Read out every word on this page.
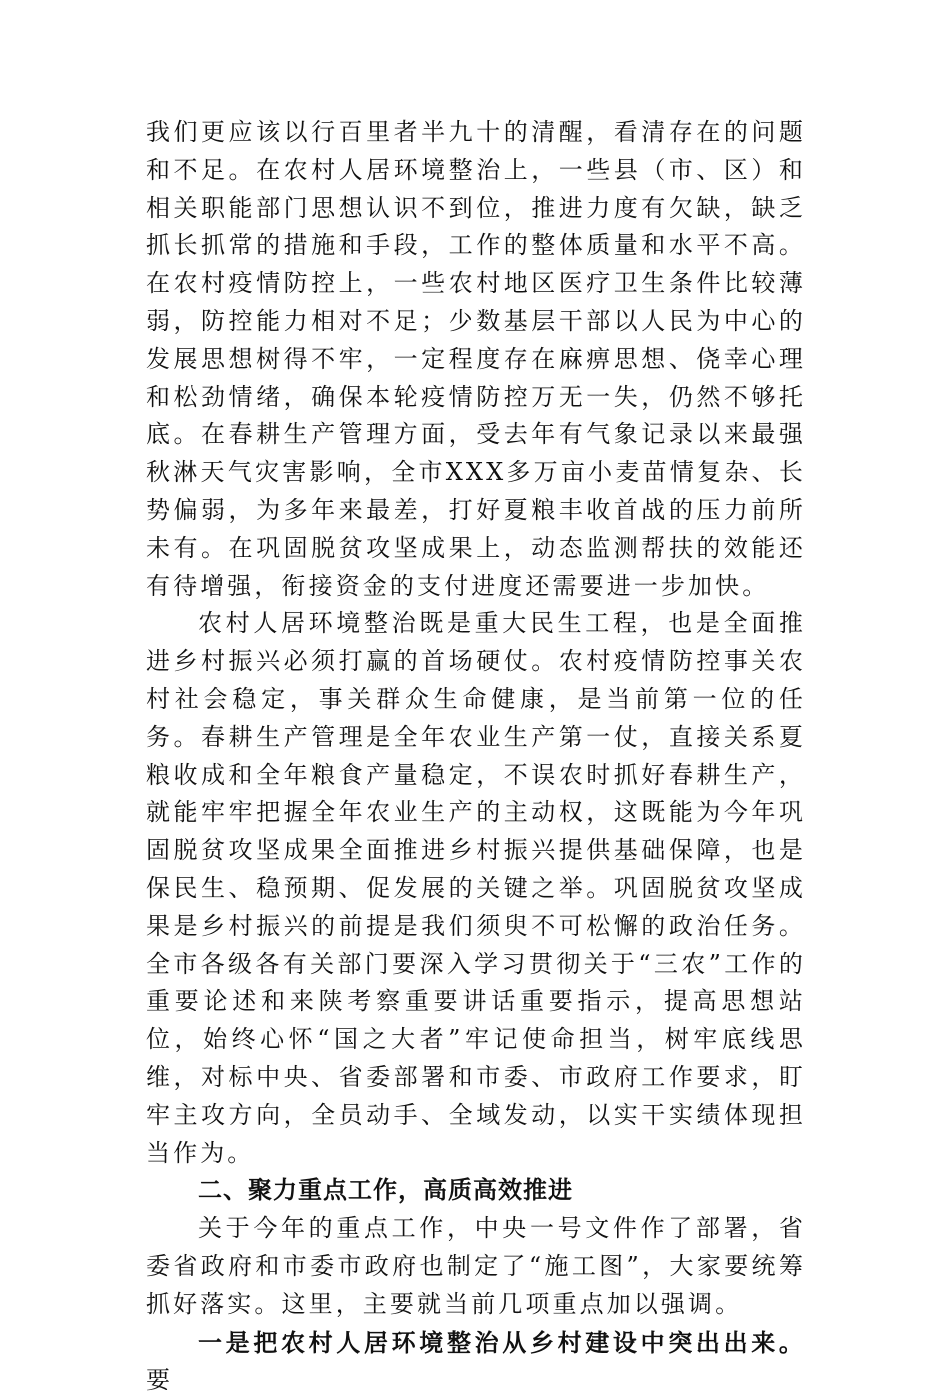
我们更应该以行百里者半九十的清醒，看清存在的问题和不足。在农村人居环境整治上，一些县（市、区）和相关职能部门思想认识不到位，推进力度有欠缺，缺乏抓长抓常的措施和手段，工作的整体质量和水平不高。在农村疫情防控上，一些农村地区医疗卫生条件比较薄弱，防控能力相对不足；少数基层干部以人民为中心的发展思想树得不牢，一定程度存在麻痹思想、侥幸心理和松劲情绪，确保本轮疫情防控万无一失，仍然不够托底。在春耕生产管理方面，受去年有气象记录以来最强秋淋天气灾害影响，全市XXX多万亩小麦苗情复杂、长势偏弱，为多年来最差，打好夏粮丰收首战的压力前所未有。在巩固脱贫攻坚成果上，动态监测帮扶的效能还有待增强，衔接资金的支付进度还需要进一步加快。

农村人居环境整治既是重大民生工程，也是全面推进乡村振兴必须打赢的首场硬仗。农村疫情防控事关农村社会稳定，事关群众生命健康，是当前第一位的任务。春耕生产管理是全年农业生产第一仗，直接关系夏粮收成和全年粮食产量稳定，不误农时抓好春耕生产，就能牢牢把握全年农业生产的主动权，这既能为今年巩固脱贫攻坚成果全面推进乡村振兴提供基础保障，也是保民生、稳预期、促发展的关键之举。巩固脱贫攻坚成果是乡村振兴的前提是我们须臾不可松懈的政治任务。全市各级各有关部门要深入学习贯彻关于“三农”工作的重要论述和来陕考察重要讲话重要指示，提高思想站位，始终心怀“国之大者”牢记使命担当，树牢底线思维，对标中央、省委部署和市委、市政府工作要求，盯牢主攻方向，全员动手、全域发动，以实干实绩体现担当作为。

二、聚力重点工作，高质高效推进

关于今年的重点工作，中央一号文件作了部署，省委省政府和市委市政府也制定了“施工图”，大家要统筹抓好落实。这里，主要就当前几项重点加以强调。

一是把农村人居环境整治从乡村建设中突出出来。要
